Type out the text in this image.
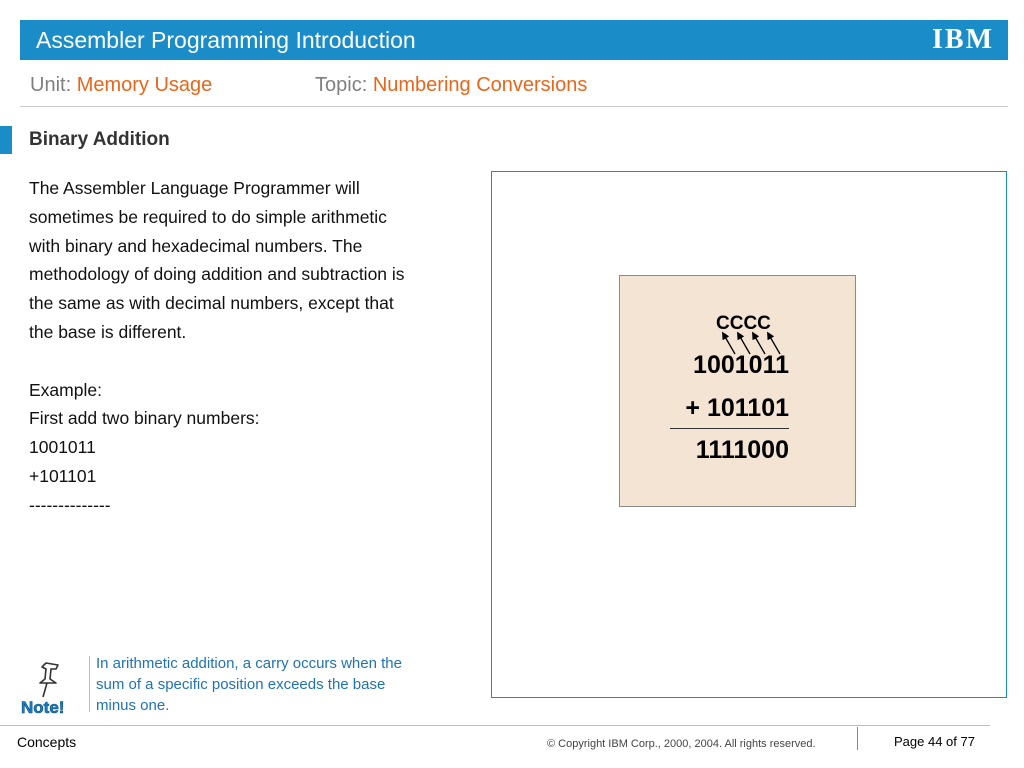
Assembler Programming Introduction	IBM
Unit: Memory Usage	Topic: Numbering Conversions
Binary Addition

The Assembler Language Programmer will

sometimes be required to do simple arithmetic

with binary and hexadecimal numbers. The

methodology of doing addition and subtraction is

the same as with decimal numbers, except that

the base is different.

Example:

First add two binary numbers:

1001011

+101101

--------------

CCCC
1001011
+ 101101
1111000
Note!
In arithmetic addition, a carry occurs when the sum of a specific position exceeds the base minus one.
Concepts	© Copyright IBM Corp., 2000, 2004. All rights reserved.	Page 44 of 77
